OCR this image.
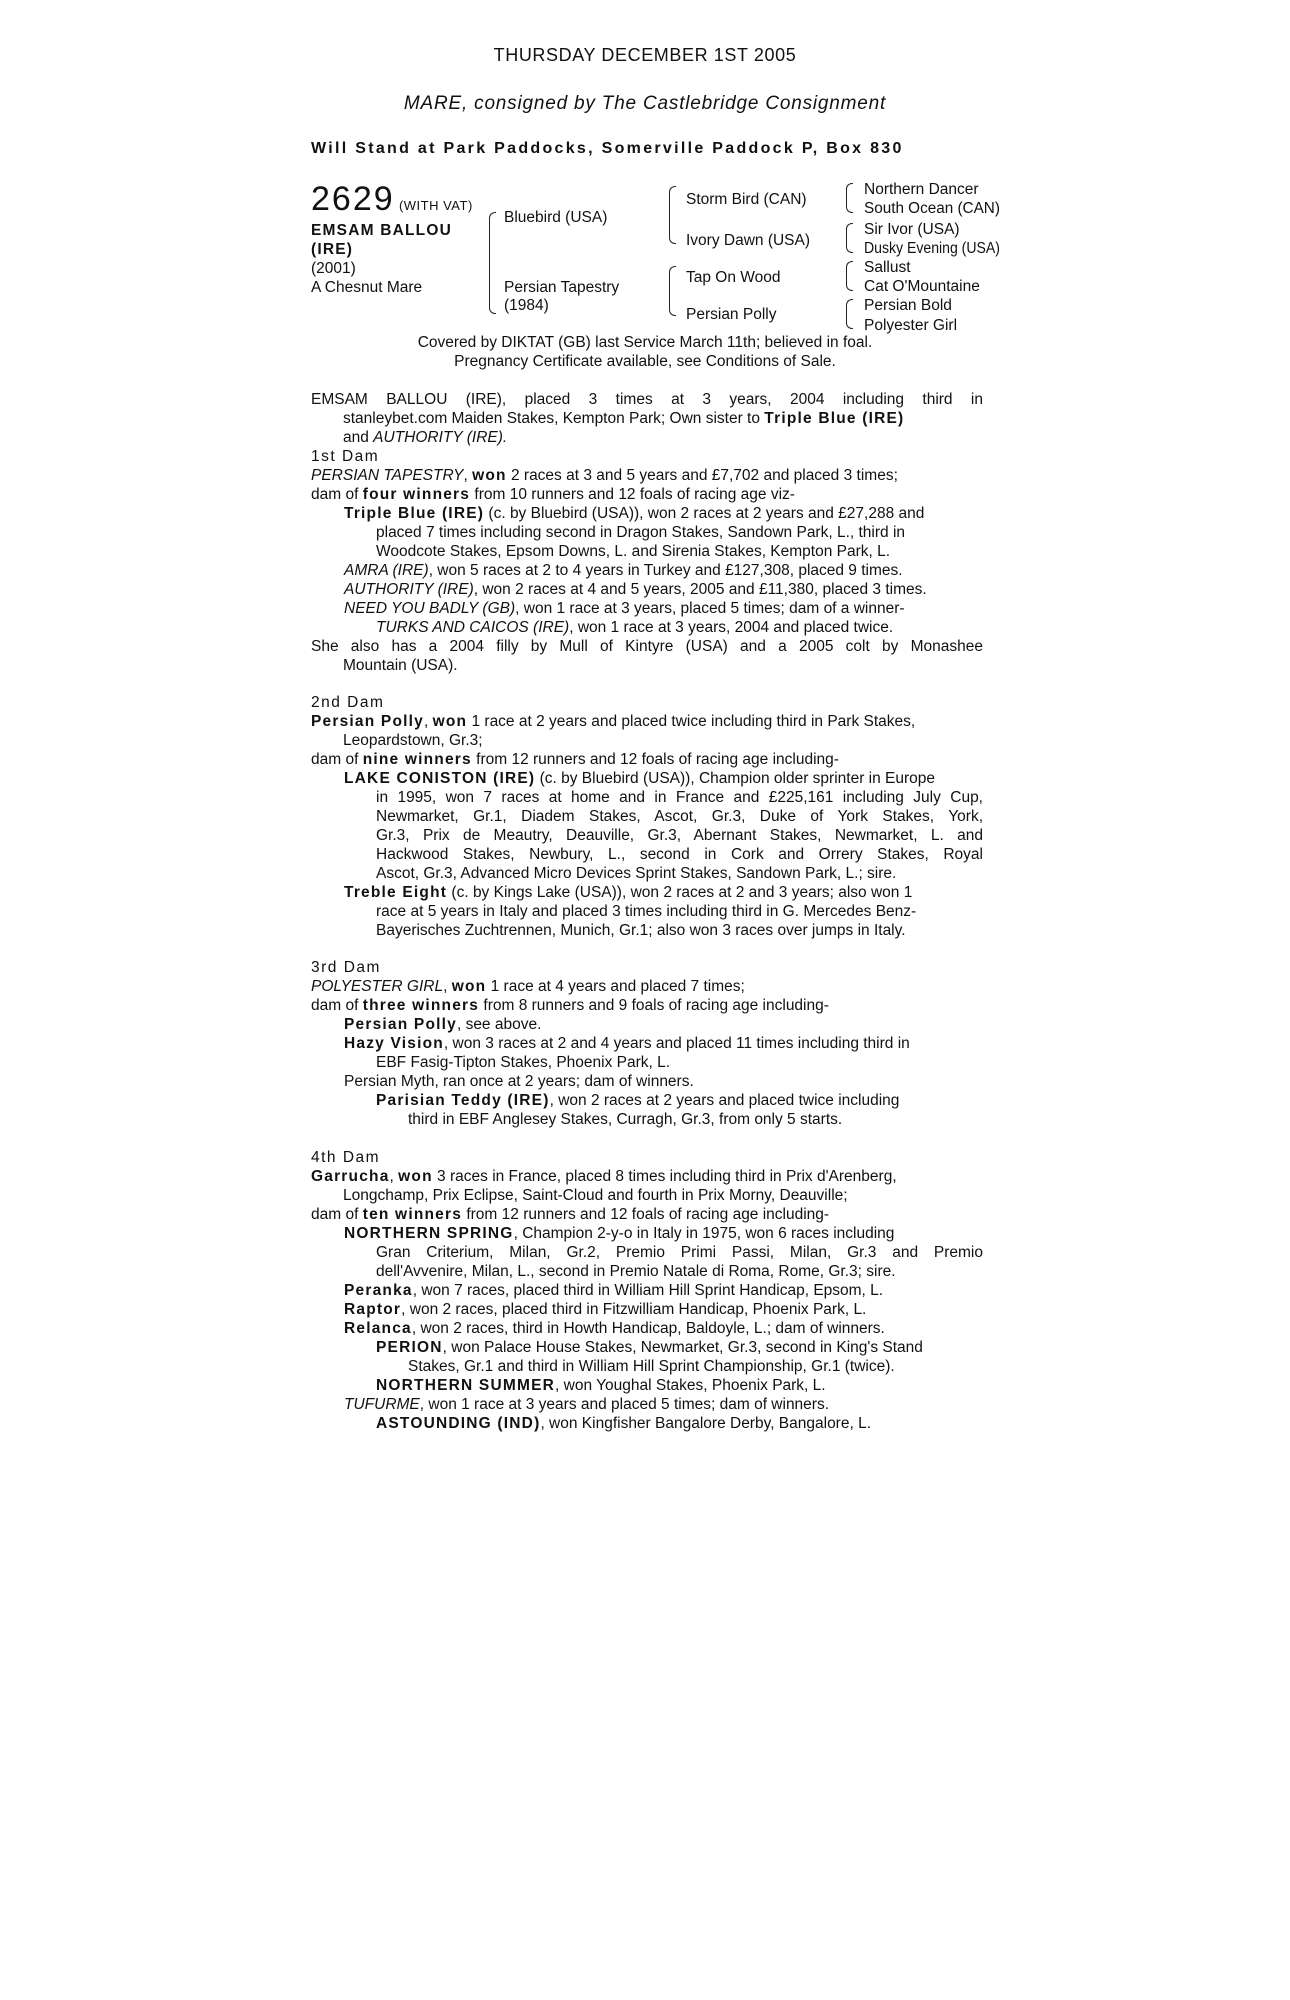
THURSDAY DECEMBER 1ST 2005
MARE, consigned by The Castlebridge Consignment
Will Stand at Park Paddocks, Somerville Paddock P, Box 830
2629 (WITH VAT)
EMSAM BALLOU
(IRE)
(2001)
A Chesnut Mare
Bluebird (USA)
Persian Tapestry
(1984)
Storm Bird (CAN)
Ivory Dawn (USA)
Tap On Wood
Persian Polly
Northern Dancer
South Ocean (CAN)
Sir Ivor (USA)
Dusky Evening (USA)
Sallust
Cat O'Mountaine
Persian Bold
Polyester Girl
Covered by DIKTAT (GB) last Service March 11th; believed in foal.
Pregnancy Certificate available, see Conditions of Sale.
EMSAM BALLOU (IRE), placed 3 times at 3 years, 2004 including third in
stanleybet.com Maiden Stakes, Kempton Park; Own sister to Triple Blue (IRE)
and AUTHORITY (IRE).
1st Dam
PERSIAN TAPESTRY, won 2 races at 3 and 5 years and £7,702 and placed 3 times;
dam of four winners from 10 runners and 12 foals of racing age viz-
Triple Blue (IRE) (c. by Bluebird (USA)), won 2 races at 2 years and £27,288 and
placed 7 times including second in Dragon Stakes, Sandown Park, L., third in
Woodcote Stakes, Epsom Downs, L. and Sirenia Stakes, Kempton Park, L.
AMRA (IRE), won 5 races at 2 to 4 years in Turkey and £127,308, placed 9 times.
AUTHORITY (IRE), won 2 races at 4 and 5 years, 2005 and £11,380, placed 3 times.
NEED YOU BADLY (GB), won 1 race at 3 years, placed 5 times; dam of a winner-
TURKS AND CAICOS (IRE), won 1 race at 3 years, 2004 and placed twice.
She also has a 2004 filly by Mull of Kintyre (USA) and a 2005 colt by Monashee
Mountain (USA).
2nd Dam
Persian Polly, won 1 race at 2 years and placed twice including third in Park Stakes,
Leopardstown, Gr.3;
dam of nine winners from 12 runners and 12 foals of racing age including-
LAKE CONISTON (IRE) (c. by Bluebird (USA)), Champion older sprinter in Europe
in 1995, won 7 races at home and in France and £225,161 including July Cup,
Newmarket, Gr.1, Diadem Stakes, Ascot, Gr.3, Duke of York Stakes, York,
Gr.3, Prix de Meautry, Deauville, Gr.3, Abernant Stakes, Newmarket, L. and
Hackwood Stakes, Newbury, L., second in Cork and Orrery Stakes, Royal
Ascot, Gr.3, Advanced Micro Devices Sprint Stakes, Sandown Park, L.; sire.
Treble Eight (c. by Kings Lake (USA)), won 2 races at 2 and 3 years; also won 1
race at 5 years in Italy and placed 3 times including third in G. Mercedes Benz-
Bayerisches Zuchtrennen, Munich, Gr.1; also won 3 races over jumps in Italy.
3rd Dam
POLYESTER GIRL, won 1 race at 4 years and placed 7 times;
dam of three winners from 8 runners and 9 foals of racing age including-
Persian Polly, see above.
Hazy Vision, won 3 races at 2 and 4 years and placed 11 times including third in
EBF Fasig-Tipton Stakes, Phoenix Park, L.
Persian Myth, ran once at 2 years; dam of winners.
Parisian Teddy (IRE), won 2 races at 2 years and placed twice including
third in EBF Anglesey Stakes, Curragh, Gr.3, from only 5 starts.
4th Dam
Garrucha, won 3 races in France, placed 8 times including third in Prix d'Arenberg,
Longchamp, Prix Eclipse, Saint-Cloud and fourth in Prix Morny, Deauville;
dam of ten winners from 12 runners and 12 foals of racing age including-
NORTHERN SPRING, Champion 2-y-o in Italy in 1975, won 6 races including
Gran Criterium, Milan, Gr.2, Premio Primi Passi, Milan, Gr.3 and Premio
dell'Avvenire, Milan, L., second in Premio Natale di Roma, Rome, Gr.3; sire.
Peranka, won 7 races, placed third in William Hill Sprint Handicap, Epsom, L.
Raptor, won 2 races, placed third in Fitzwilliam Handicap, Phoenix Park, L.
Relanca, won 2 races, third in Howth Handicap, Baldoyle, L.; dam of winners.
PERION, won Palace House Stakes, Newmarket, Gr.3, second in King's Stand
Stakes, Gr.1 and third in William Hill Sprint Championship, Gr.1 (twice).
NORTHERN SUMMER, won Youghal Stakes, Phoenix Park, L.
TUFURME, won 1 race at 3 years and placed 5 times; dam of winners.
ASTOUNDING (IND), won Kingfisher Bangalore Derby, Bangalore, L.
